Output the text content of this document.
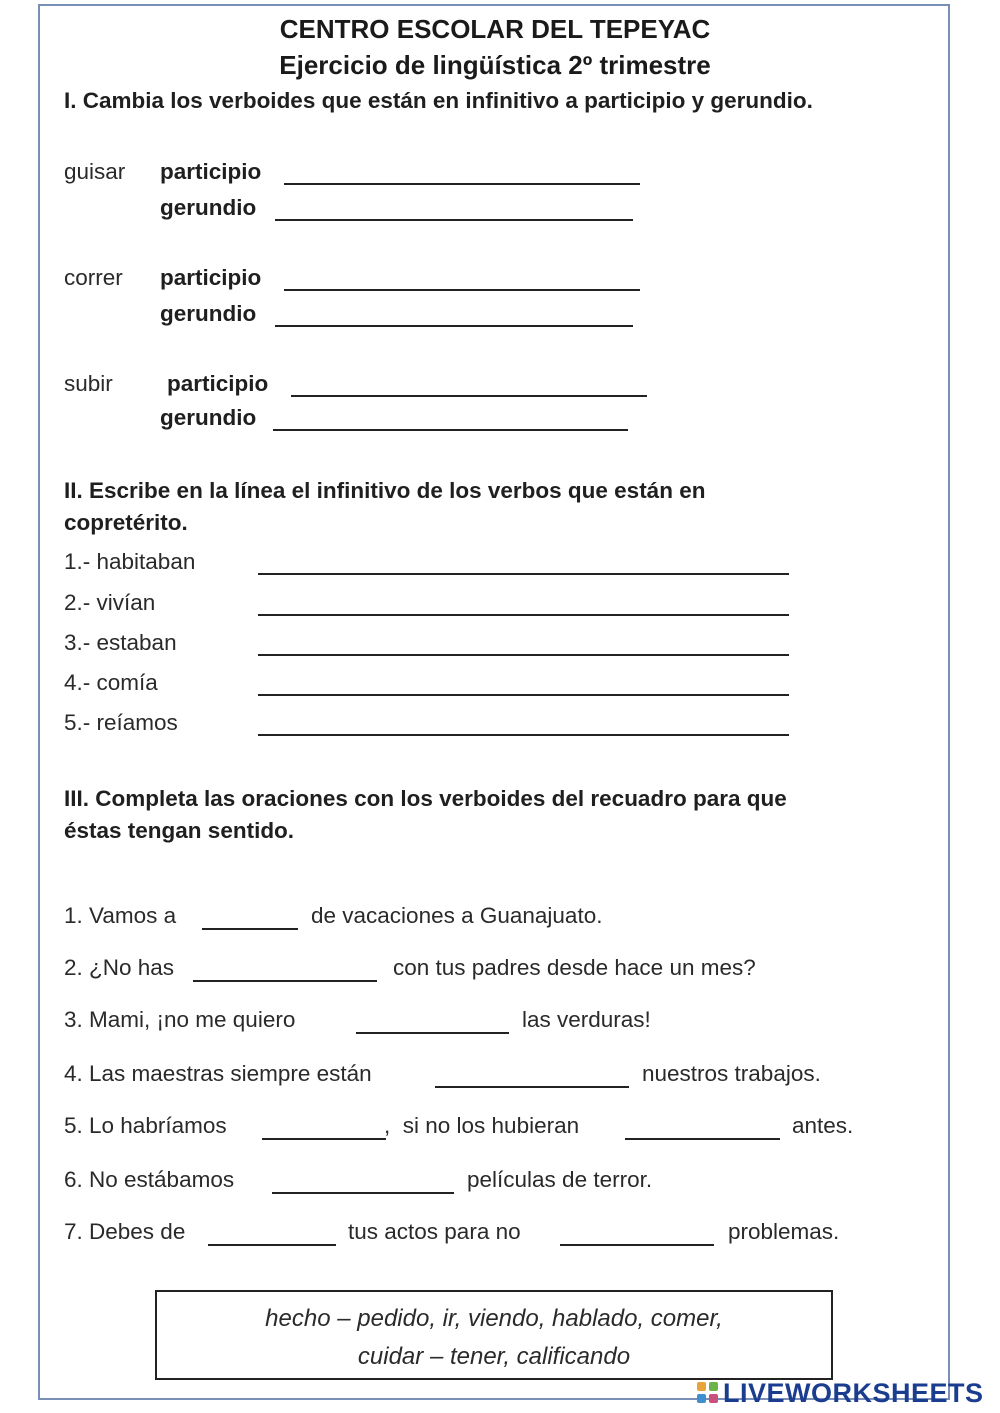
CENTRO ESCOLAR DEL TEPEYAC
Ejercicio de lingüística 2º trimestre
I. Cambia los verboides que están en infinitivo a participio y gerundio.
guisar participio
gerundio
correr participio
gerundio
subir participio
gerundio
II. Escribe en la línea el infinitivo de los verbos que están en
copretérito.
1.- habitaban
2.- vivían
3.- estaban
4.- comía
5.- reíamos
III. Completa las oraciones con los verboides del recuadro para que
éstas tengan sentido.
1. Vamos a	de vacaciones a Guanajuato.
2. ¿No has	con tus padres desde hace un mes?
3. Mami, ¡no me quiero	las verduras!
4. Las maestras siempre están	nuestros trabajos.
5. Lo habríamos	,  si no los hubieran	antes.
6. No estábamos	películas de terror.
7. Debes de	tus actos para no	problemas.
hecho – pedido, ir, viendo, hablado, comer,
cuidar – tener, calificando
LIVEWORKSHEETS
